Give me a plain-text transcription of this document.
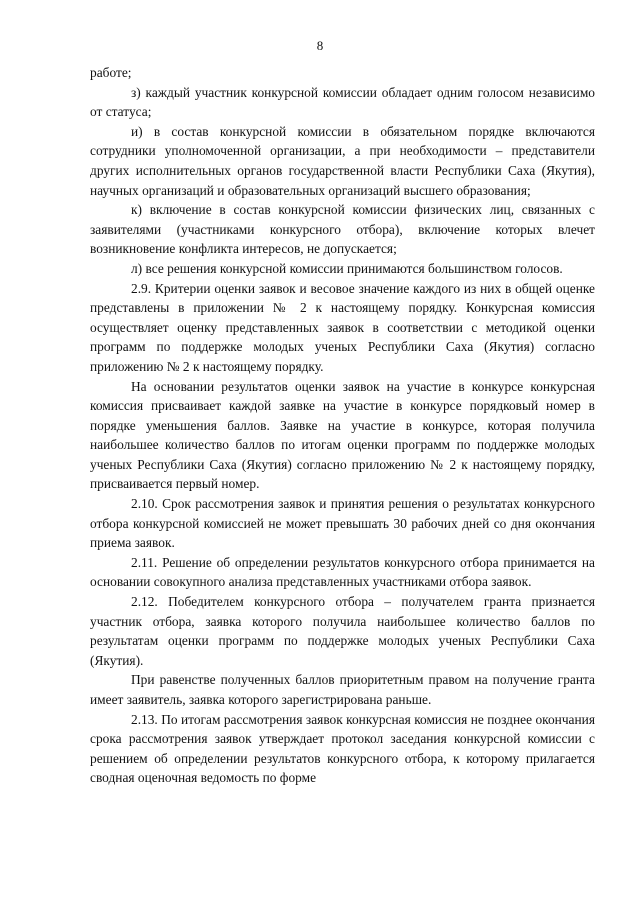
8

работе;

з) каждый участник конкурсной комиссии обладает одним голосом независимо от статуса;

и) в состав конкурсной комиссии в обязательном порядке включаются сотрудники уполномоченной организации, а при необходимости – представители других исполнительных органов государственной власти Республики Саха (Якутия), научных организаций и образовательных организаций высшего образования;

к) включение в состав конкурсной комиссии физических лиц, связанных с заявителями (участниками конкурсного отбора), включение которых влечет возникновение конфликта интересов, не допускается;

л) все решения конкурсной комиссии принимаются большинством голосов.

2.9. Критерии оценки заявок и весовое значение каждого из них в общей оценке представлены в приложении № 2 к настоящему порядку. Конкурсная комиссия осуществляет оценку представленных заявок в соответствии с методикой оценки программ по поддержке молодых ученых Республики Саха (Якутия) согласно приложению № 2 к настоящему порядку.

На основании результатов оценки заявок на участие в конкурсе конкурсная комиссия присваивает каждой заявке на участие в конкурсе порядковый номер в порядке уменьшения баллов. Заявке на участие в конкурсе, которая получила наибольшее количество баллов по итогам оценки программ по поддержке молодых ученых Республики Саха (Якутия) согласно приложению № 2 к настоящему порядку, присваивается первый номер.

2.10. Срок рассмотрения заявок и принятия решения о результатах конкурсного отбора конкурсной комиссией не может превышать 30 рабочих дней со дня окончания приема заявок.

2.11. Решение об определении результатов конкурсного отбора принимается на основании совокупного анализа представленных участниками отбора заявок.

2.12. Победителем конкурсного отбора – получателем гранта признается участник отбора, заявка которого получила наибольшее количество баллов по результатам оценки программ по поддержке молодых ученых Республики Саха (Якутия).

При равенстве полученных баллов приоритетным правом на получение гранта имеет заявитель, заявка которого зарегистрирована раньше.

2.13. По итогам рассмотрения заявок конкурсная комиссия не позднее окончания срока рассмотрения заявок утверждает протокол заседания конкурсной комиссии с решением об определении результатов конкурсного отбора, к которому прилагается сводная оценочная ведомость по форме
